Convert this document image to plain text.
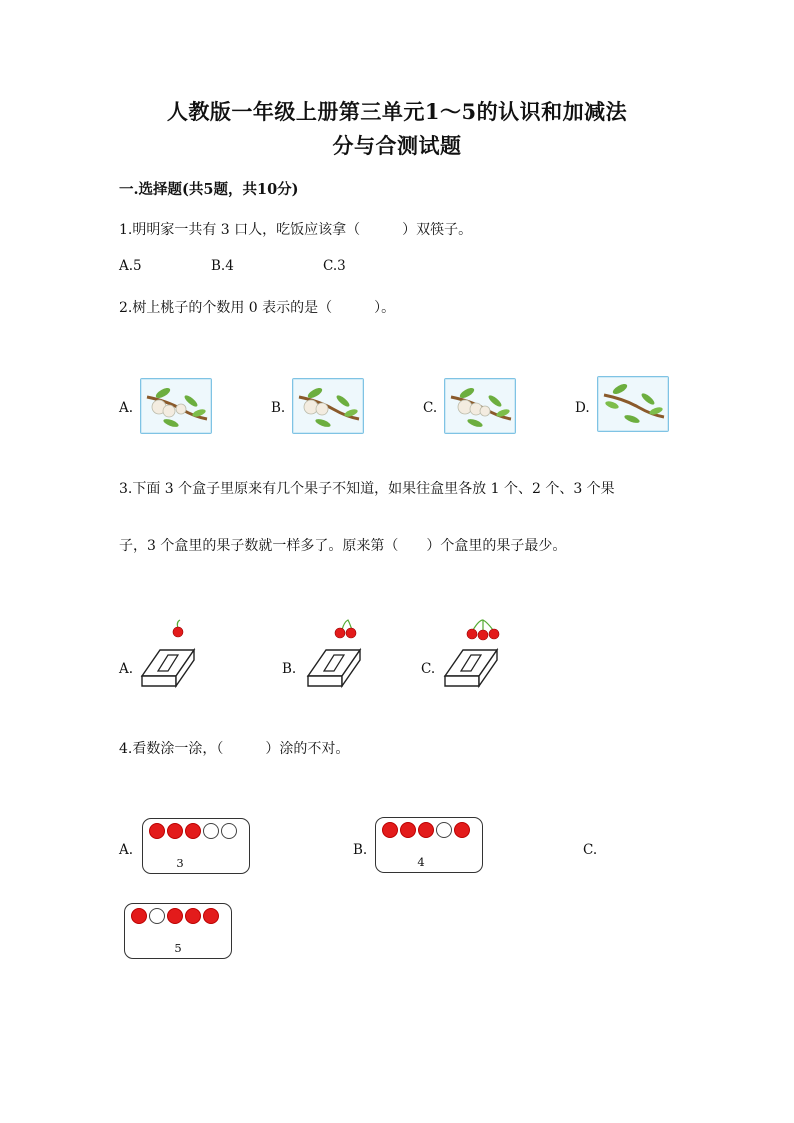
人教版一年级上册第三单元1～5的认识和加减法
分与合测试题
一.选择题(共5题，共10分)
1.明明家一共有 3 口人，吃饭应该拿（　　　）双筷子。
A.5	B.4	C.3
2.树上桃子的个数用 0 表示的是（　　　）。
A.	B.	C.	D.
3.下面 3 个盒子里原来有几个果子不知道，如果往盒里各放 1 个、2 个、3 个果
子，3 个盒里的果子数就一样多了。原来第（　　）个盒里的果子最少。
A.	B.	C.
4.看数涂一涂，（　　　）涂的不对。
A.
3
B.
4
C.
5
